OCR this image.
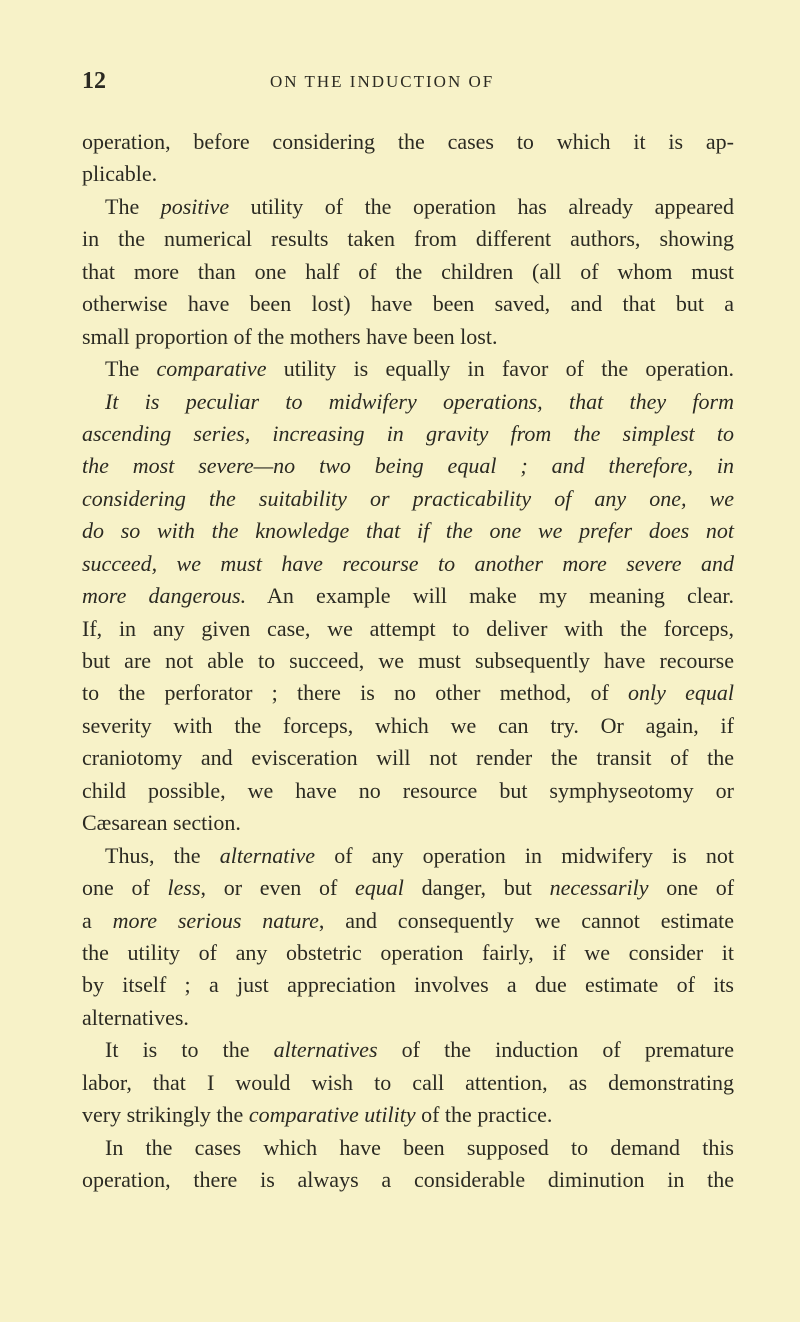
12	ON THE INDUCTION OF
operation, before considering the cases to which it is ap-
plicable.
The positive utility of the operation has already appeared
in the numerical results taken from different authors, showing
that more than one half of the children (all of whom must
otherwise have been lost) have been saved, and that but a
small proportion of the mothers have been lost.
The comparative utility is equally in favor of the operation.
It is peculiar to midwifery operations, that they form
ascending series, increasing in gravity from the simplest to
the most severe—no two being equal ; and therefore, in
considering the suitability or practicability of any one, we
do so with the knowledge that if the one we prefer does not
succeed, we must have recourse to another more severe and
more dangerous. An example will make my meaning clear.
If, in any given case, we attempt to deliver with the forceps,
but are not able to succeed, we must subsequently have recourse
to the perforator ; there is no other method, of only equal
severity with the forceps, which we can try. Or again, if
craniotomy and evisceration will not render the transit of the
child possible, we have no resource but symphyseotomy or
Cæsarean section.
Thus, the alternative of any operation in midwifery is not
one of less, or even of equal danger, but necessarily one of
a more serious nature, and consequently we cannot estimate
the utility of any obstetric operation fairly, if we consider it
by itself ; a just appreciation involves a due estimate of its
alternatives.
It is to the alternatives of the induction of premature
labor, that I would wish to call attention, as demonstrating
very strikingly the comparative utility of the practice.
In the cases which have been supposed to demand this
operation, there is always a considerable diminution in the
